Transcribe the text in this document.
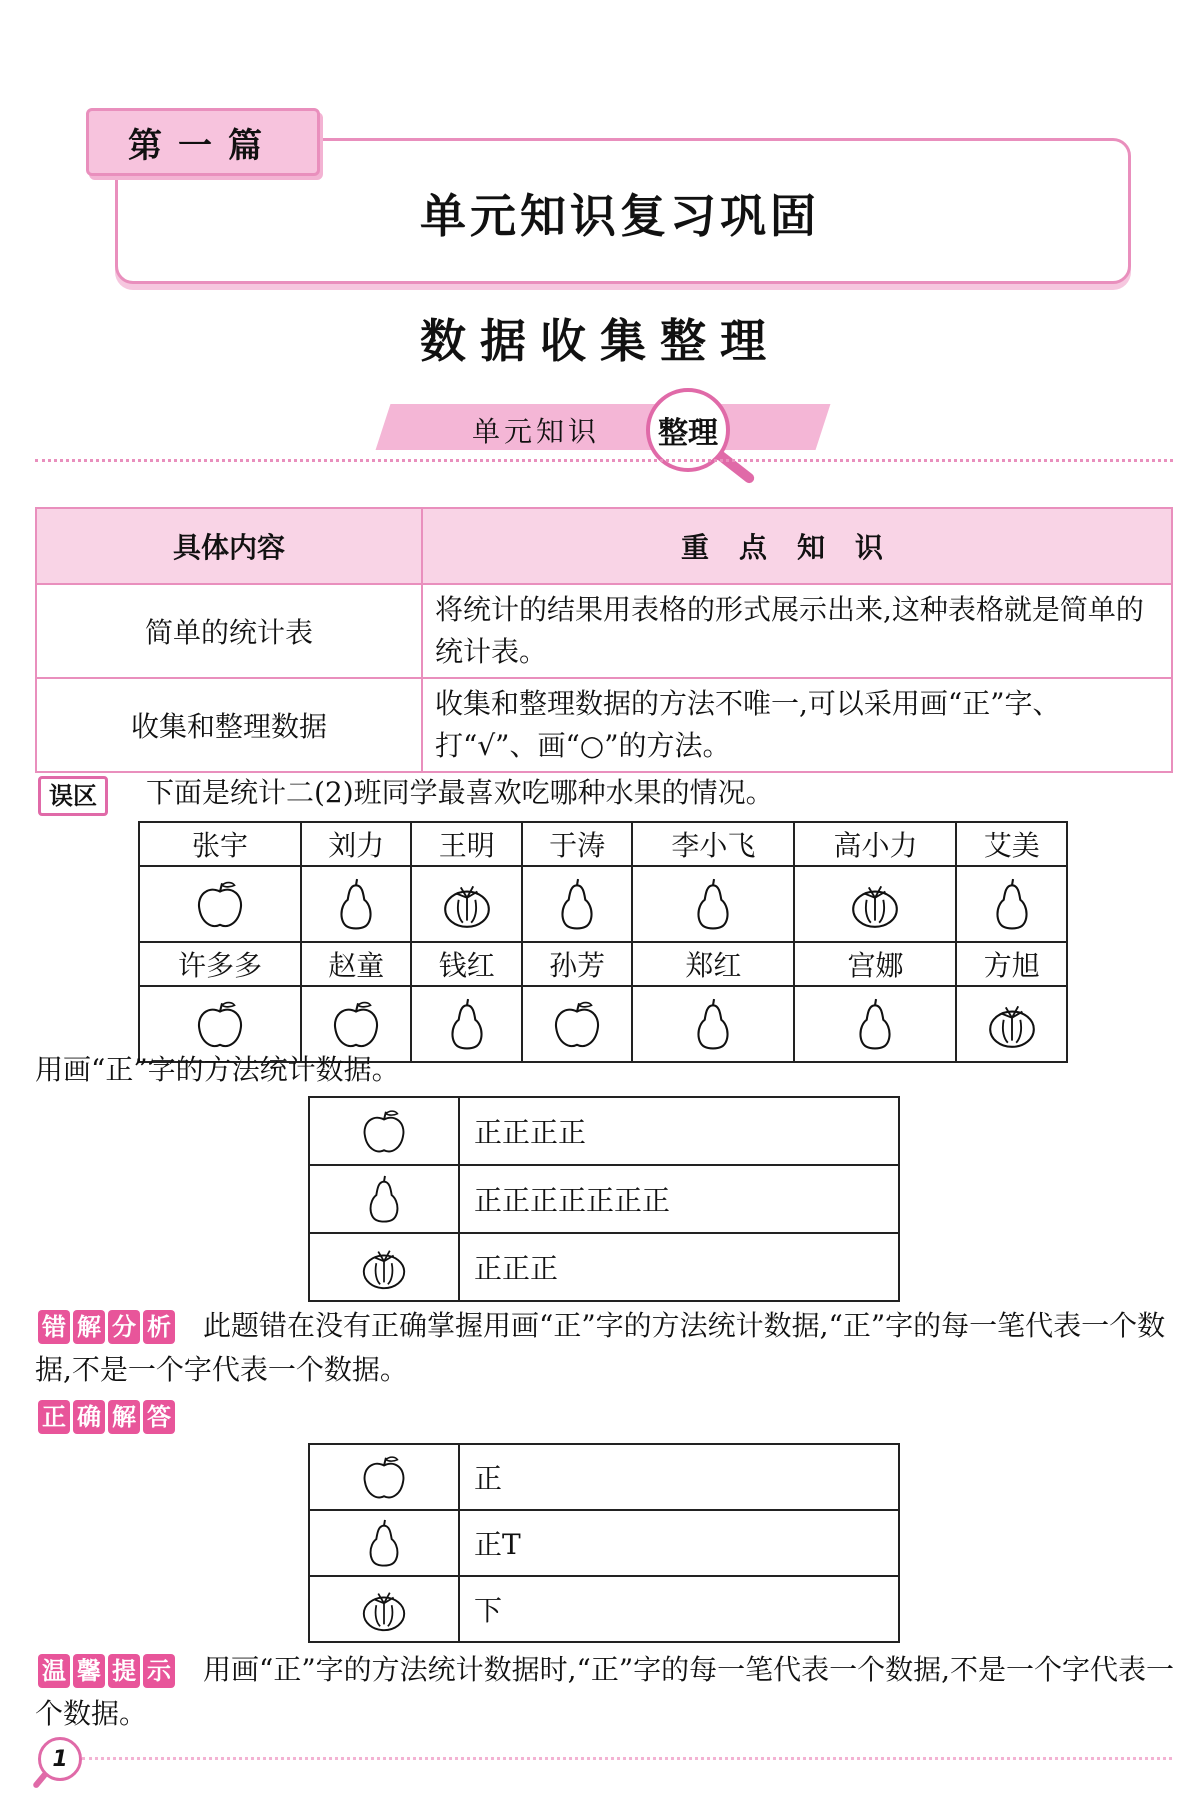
第一篇
单元知识复习巩固
数据收集整理
单元知识 整理
具体内容	重点知识
简单的统计表	将统计的结果用表格的形式展示出来,这种表格就是简单的统计表。
收集和整理数据	收集和整理数据的方法不唯一,可以采用画“正”字、打“√”、画“○”的方法。
误区	下面是统计二(2)班同学最喜欢吃哪种水果的情况。
张宇	刘力	王明	于涛	李小飞	高小力	艾美

许多多	赵童	钱红	孙芳	郑红	宫娜	方旭

用画“正”字的方法统计数据。
	正正正正

	正正正正正正正

	正正正
错 解 分 析	此题错在没有正确掌握用画“正”字的方法统计数据,“正”字的每一笔代表一个数据,不是一个字代表一个数据。
正 确 解 答
	正

	正T

	下
温 馨 提 示	用画“正”字的方法统计数据时,“正”字的每一笔代表一个数据,不是一个字代表一个数据。
1
